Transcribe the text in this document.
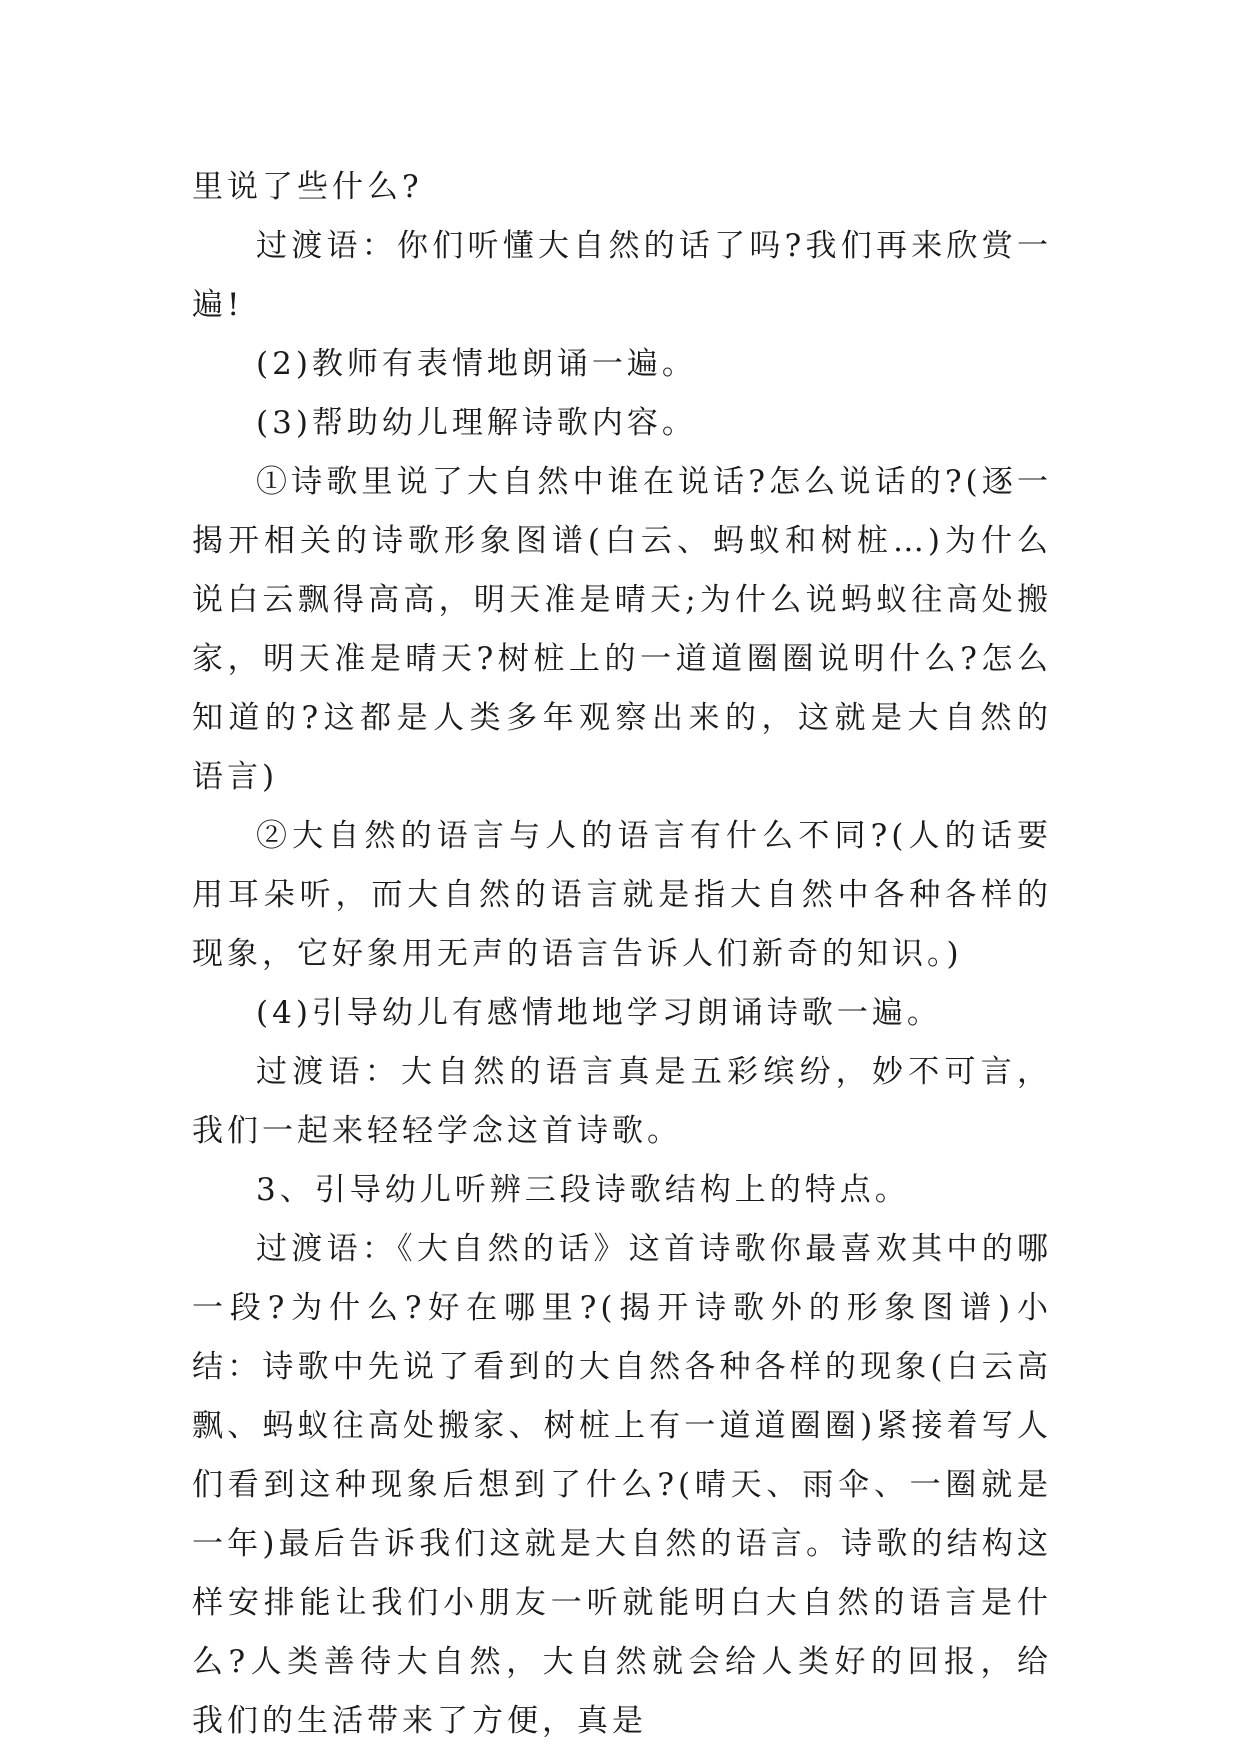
里说了些什么?

过渡语：你们听懂大自然的话了吗?我们再来欣赏一遍!

(2)教师有表情地朗诵一遍。

(3)帮助幼儿理解诗歌内容。

①诗歌里说了大自然中谁在说话?怎么说话的?(逐一揭开相关的诗歌形象图谱(白云、蚂蚁和树桩…)为什么说白云飘得高高，明天准是晴天;为什么说蚂蚁往高处搬家，明天准是晴天?树桩上的一道道圈圈说明什么?怎么知道的?这都是人类多年观察出来的，这就是大自然的语言)

②大自然的语言与人的语言有什么不同?(人的话要用耳朵听，而大自然的语言就是指大自然中各种各样的现象，它好象用无声的语言告诉人们新奇的知识。)

(4)引导幼儿有感情地地学习朗诵诗歌一遍。

过渡语：大自然的语言真是五彩缤纷，妙不可言，我们一起来轻轻学念这首诗歌。

3、引导幼儿听辨三段诗歌结构上的特点。

过渡语：《大自然的话》这首诗歌你最喜欢其中的哪一段?为什么?好在哪里?(揭开诗歌外的形象图谱)小结：诗歌中先说了看到的大自然各种各样的现象(白云高飘、蚂蚁往高处搬家、树桩上有一道道圈圈)紧接着写人们看到这种现象后想到了什么?(晴天、雨伞、一圈就是一年)最后告诉我们这就是大自然的语言。诗歌的结构这样安排能让我们小朋友一听就能明白大自然的语言是什么?人类善待大自然，大自然就会给人类好的回报，给我们的生活带来了方便，真是
